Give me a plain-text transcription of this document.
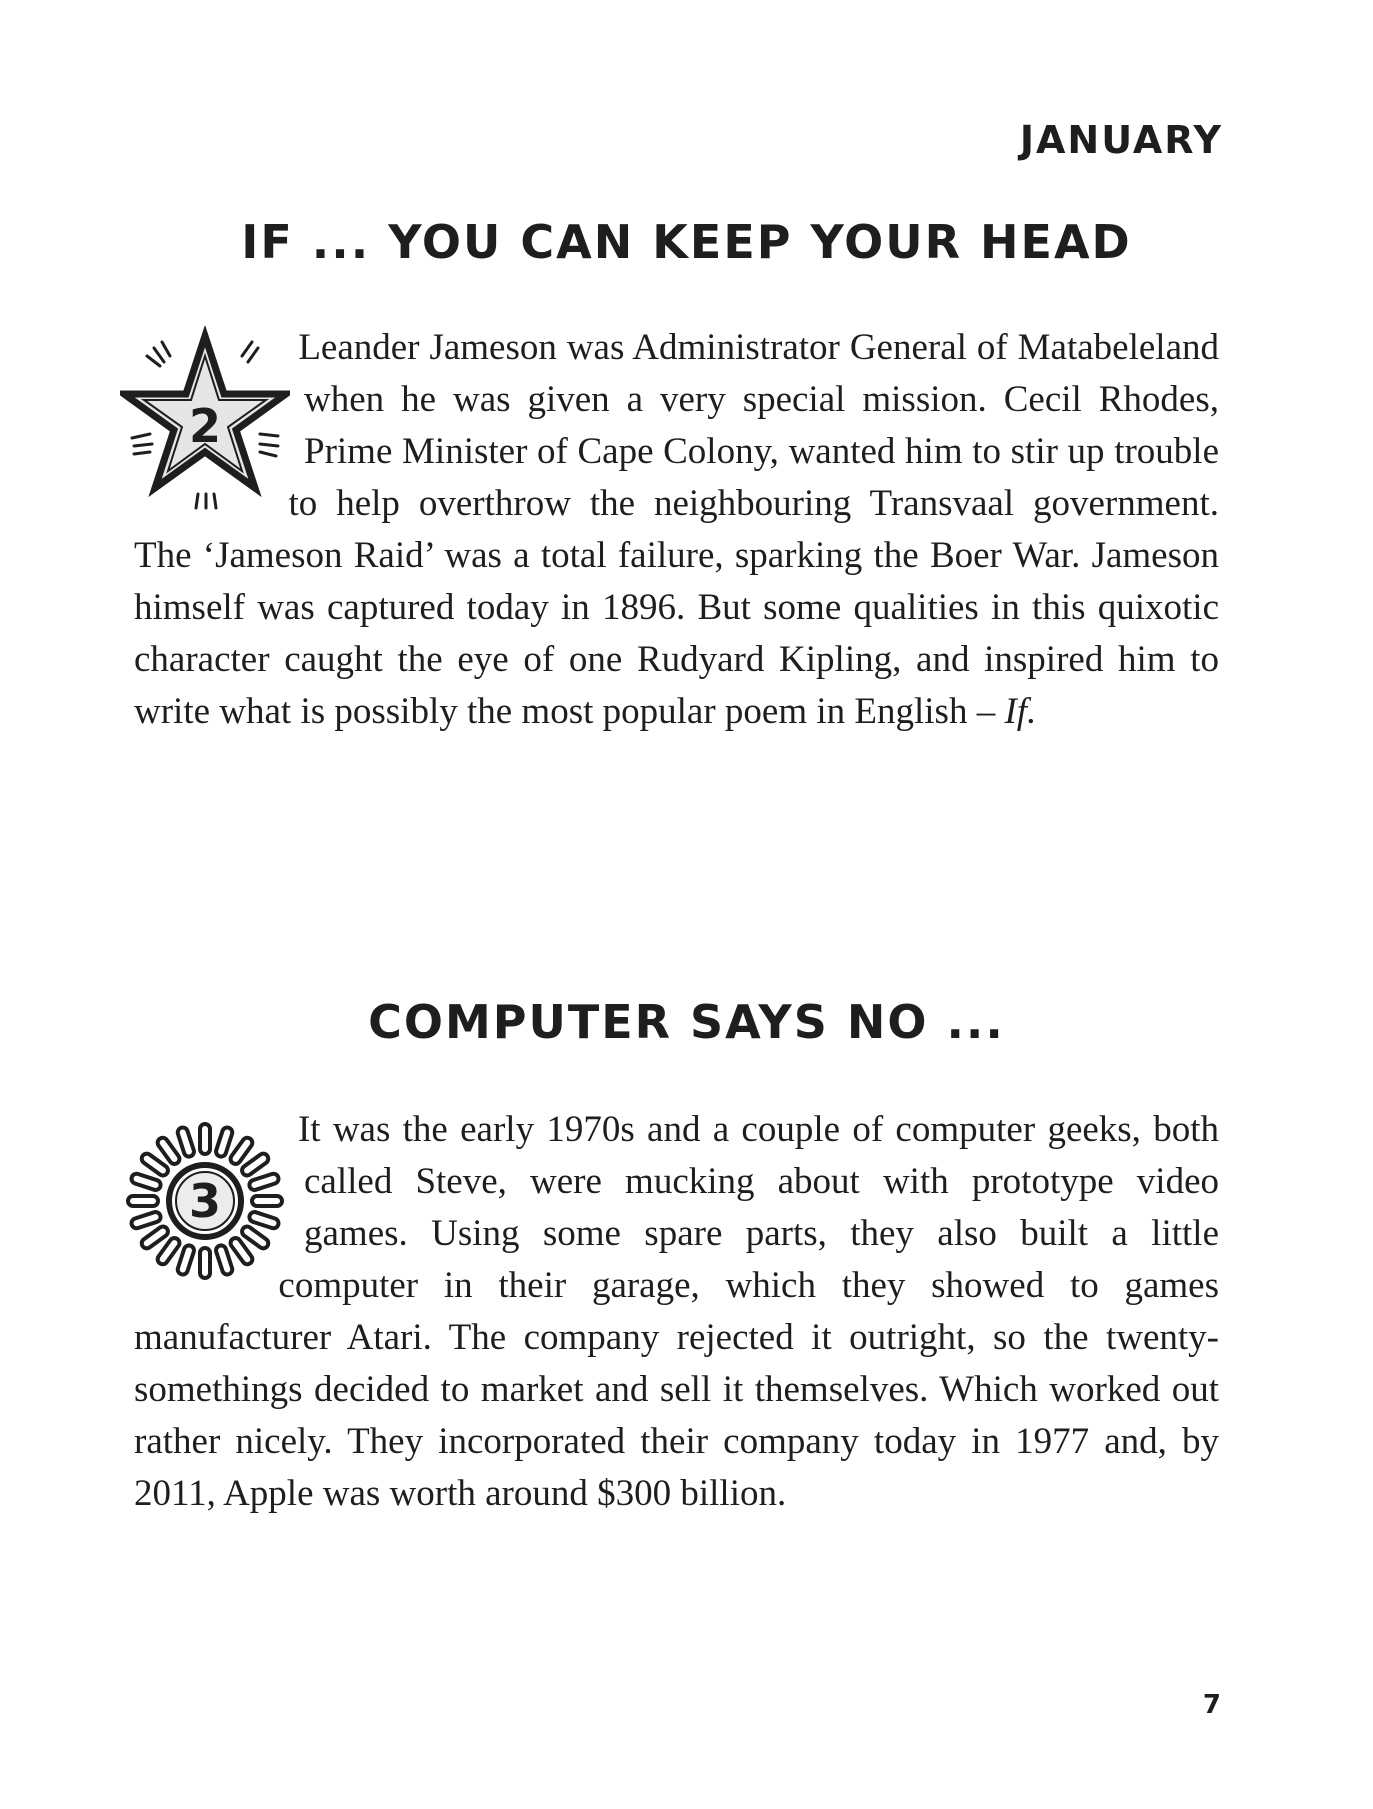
JANUARY

IF ... YOU CAN KEEP YOUR HEAD
2
Leander Jameson was Administrator General of Matabeleland when he was given a very special mission. Cecil Rhodes, Prime Minister of Cape Colony, wanted him to stir up trouble to help overthrow the neighbouring Transvaal government. The ‘Jameson Raid’ was a total failure, sparking the Boer War. Jameson himself was captured today in 1896. But some qualities in this quixotic character caught the eye of one Rudyard Kipling, and inspired him to write what is possibly the most popular poem in English – If.
COMPUTER SAYS NO ...
3
It was the early 1970s and a couple of computer geeks, both called Steve, were mucking about with prototype video games. Using some spare parts, they also built a little computer in their garage, which they showed to games manufacturer Atari. The company rejected it outright, so the twenty-somethings decided to market and sell it themselves. Which worked out rather nicely. They incorporated their company today in 1977 and, by 2011, Apple was worth around $300 billion.

7
